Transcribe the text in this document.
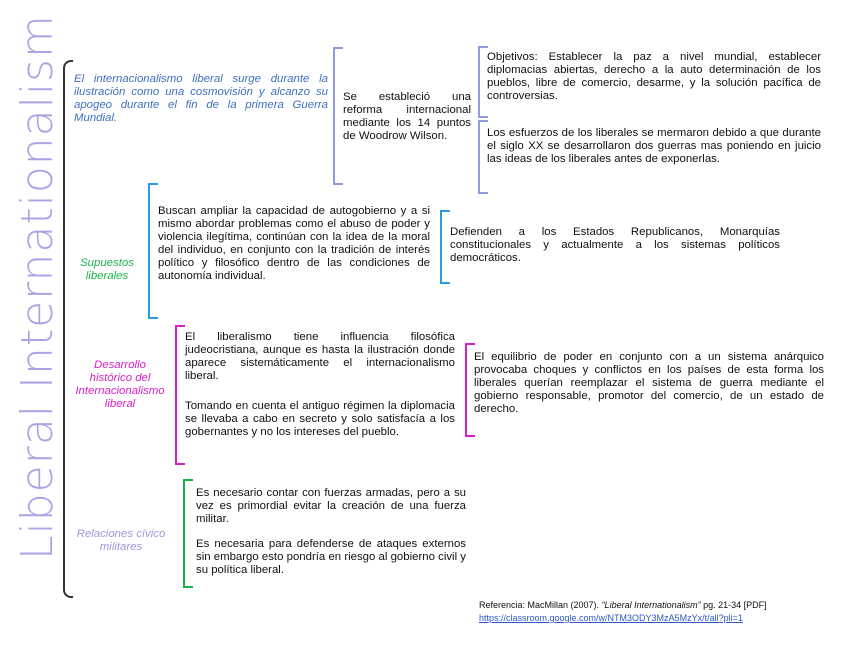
Liberal Internationalism El internacionalismo liberal surge durante la ilustración como una cosmovisión y alcanzo su apogeo durante el fin de la primera Guerra Mundial.
Se estableció una reforma internacional mediante los 14 puntos de Woodrow Wilson.
Objetivos: Establecer la paz a nivel mundial, establecer diplomacias abiertas, derecho a la auto determinación de los pueblos, libre de comercio, desarme, y la solución pacífica de controversias.
Los esfuerzos de los liberales se mermaron debido a que durante el siglo XX se desarrollaron dos guerras mas poniendo en juicio las ideas de los liberales antes de exponerlas.
Supuestos liberales
Buscan ampliar la capacidad de autogobierno y a si mismo abordar problemas como el abuso de poder y violencia ilegítima, continúan con la idea de la moral del individuo, en conjunto con la tradición de interés político y filosófico dentro de las condiciones de autonomía individual.
Defienden a los Estados Republicanos, Monarquías constitucionales y actualmente a los sistemas políticos democráticos.
Desarrollo histórico del Internacionalismo liberal
El liberalismo tiene influencia filosófica judeocristiana, aunque es hasta la ilustración donde aparece sistemáticamente el internacionalismo liberal.
Tomando en cuenta el antiguo régimen la diplomacia se llevaba a cabo en secreto y solo satisfacía a los gobernantes y no los intereses del pueblo.
El equilibrio de poder en conjunto con a un sistema anárquico provocaba choques y conflictos en los países de esta forma los liberales querían reemplazar el sistema de guerra mediante el gobierno responsable, promotor del comercio, de un estado de derecho.
Relaciones cívico militares
Es necesario contar con fuerzas armadas, pero a su vez es primordial evitar la creación de una fuerza militar.
Es necesaria para defenderse de ataques externos sin embargo esto pondría en riesgo al gobierno civil y su política liberal.
Referencia: MacMillan (2007). “Liberal Internationalism” pg. 21-34 [PDF]
https://classroom.google.com/w/NTM3ODY3MzA5MzYx/t/all?pli=1
